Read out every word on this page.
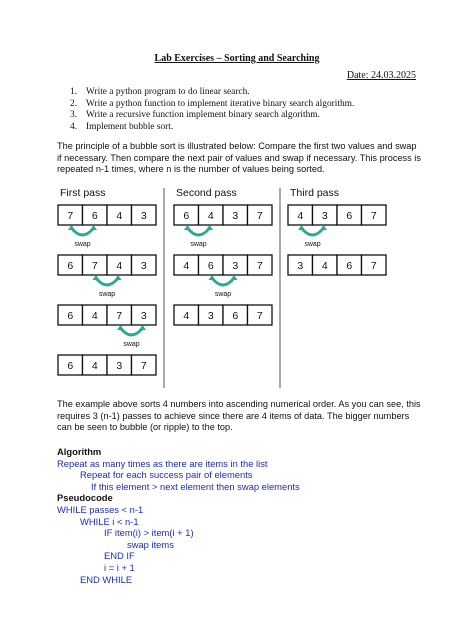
Lab Exercises – Sorting and Searching
Date: 24.03.2025
1. Write a python program to do linear search.
2. Write a python function to implement iterative binary search algorithm.
3. Write a recursive function implement binary search algorithm.
4. Implement bubble sort.
The principle of a bubble sort is illustrated below: Compare the first two values and swap if necessary. Then compare the next pair of values and swap if necessary. This process is repeated n-1 times, where n is the number of values being sorted.
First pass
7 6 4 3
swap
6 7 4 3
swap
6 4 7 3
swap
6 4 3 7
Second pass
6 4 3 7
swap
4 6 3 7
swap
4 3 6 7
Third pass
4 3 6 7
swap
3 4 6 7
The example above sorts 4 numbers into ascending numerical order. As you can see, this requires 3 (n-1) passes to achieve since there are 4 items of data. The bigger numbers can be seen to bubble (or ripple) to the top.
Algorithm
Repeat as many times as there are items in the list
Repeat for each success pair of elements
If this element > next element then swap elements
Pseudocode
WHILE passes < n-1
WHILE i < n-1
IF item(i) > item(i + 1)
swap items
END IF
i = i + 1
END WHILE
